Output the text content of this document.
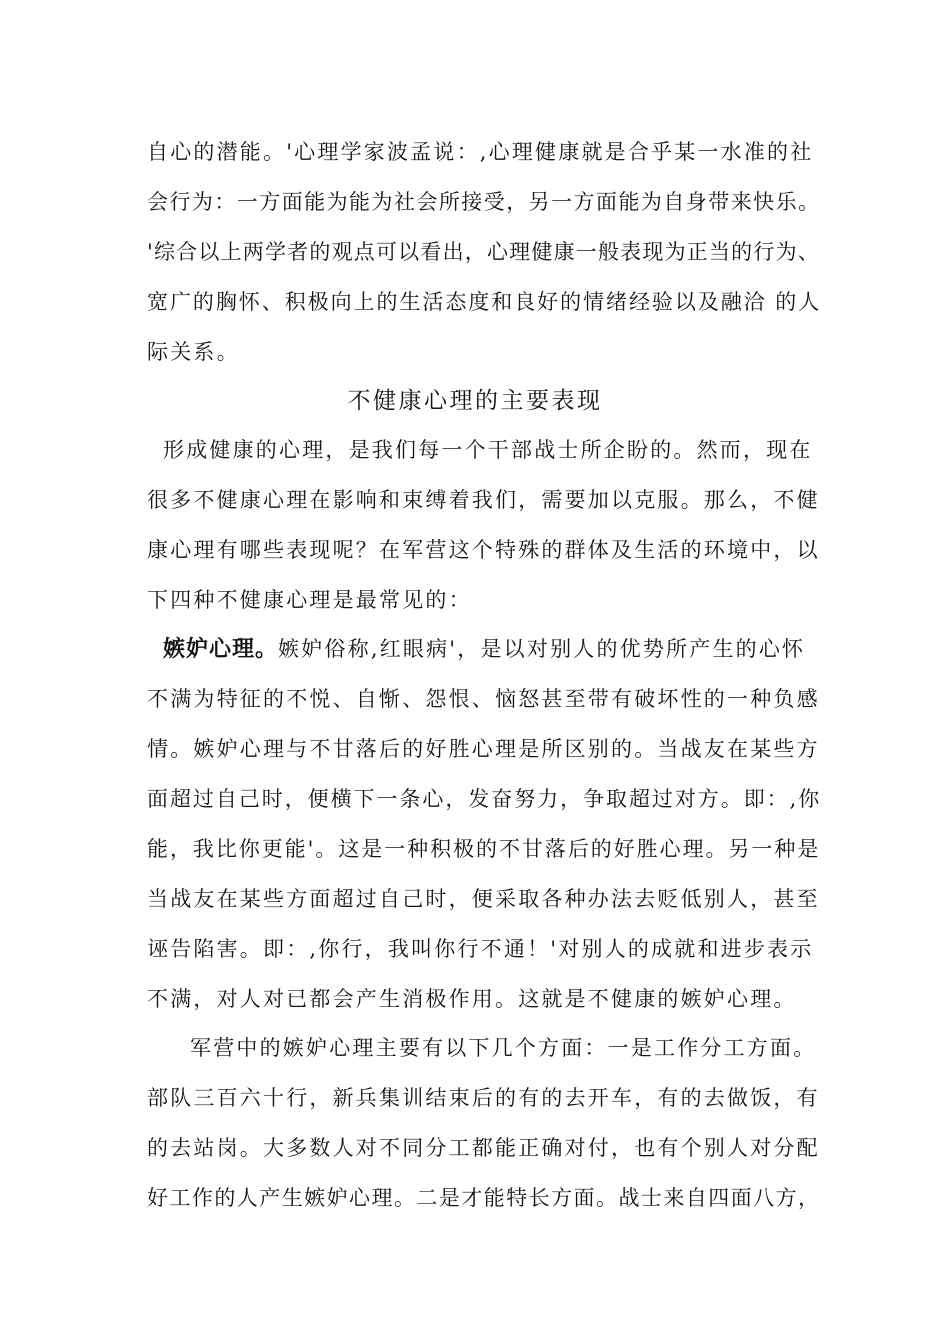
自心的潜能。'心理学家波孟说：,心理健康就是合乎某一水准的社
会行为：一方面能为能为社会所接受，另一方面能为自身带来快乐。
'综合以上两学者的观点可以看出，心理健康一般表现为正当的行为、
宽广的胸怀、积极向上的生活态度和良好的情绪经验以及融洽 的人
际关系。
不健康心理的主要表现
形成健康的心理，是我们每一个干部战士所企盼的。然而，现在
很多不健康心理在影响和束缚着我们，需要加以克服。那么，不健
康心理有哪些表现呢？在军营这个特殊的群体及生活的环境中，以
下四种不健康心理是最常见的：
嫉妒心理。嫉妒俗称,红眼病'，是以对别人的优势所产生的心怀
不满为特征的不悦、自惭、怨恨、恼怒甚至带有破坏性的一种负感
情。嫉妒心理与不甘落后的好胜心理是所区别的。当战友在某些方
面超过自己时，便横下一条心，发奋努力，争取超过对方。即：,你
能，我比你更能'。这是一种积极的不甘落后的好胜心理。另一种是
当战友在某些方面超过自己时，便采取各种办法去贬低别人，甚至
诬告陷害。即：,你行，我叫你行不通！'对别人的成就和进步表示
不满，对人对已都会产生消极作用。这就是不健康的嫉妒心理。
军营中的嫉妒心理主要有以下几个方面：一是工作分工方面。
部队三百六十行，新兵集训结束后的有的去开车，有的去做饭，有
的去站岗。大多数人对不同分工都能正确对付，也有个别人对分配
好工作的人产生嫉妒心理。二是才能特长方面。战士来自四面八方，
